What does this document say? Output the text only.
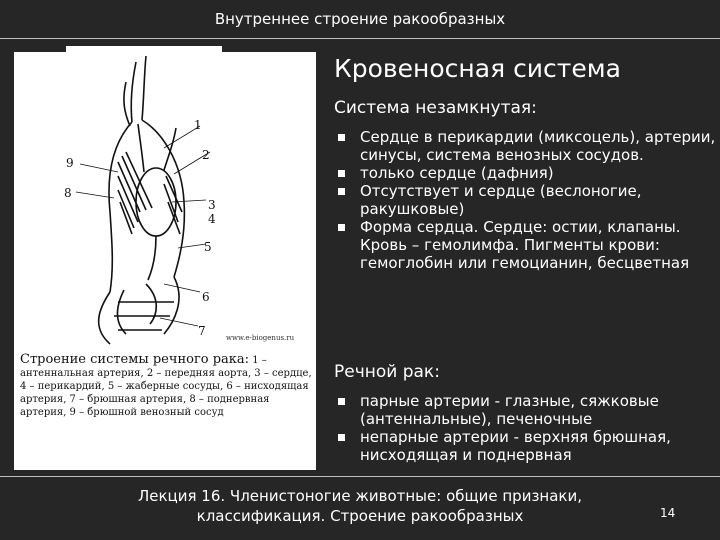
Внутреннее строение ракообразных
1
2
9
8
3
4
5
6
7	www.e-biogenus.ru
Строение системы речного рака: 1 – антеннальная артерия, 2 – передняя аорта, 3 – сердце, 4 – перикардий, 5 – жаберные сосуды, 6 – нисходящая артерия, 7 – брюшная артерия, 8 – поднервная артерия, 9 – брюшной венозный сосуд
Кровеносная система
Система незамкнутая:
Сердце в перикардии (миксоцель), артерии, синусы, система венозных сосудов.
только сердце (дафния)
Отсутствует и сердце (веслоногие, ракушковые)
Форма сердца. Сердце: остии, клапаны. Кровь – гемолимфа. Пигменты крови: гемоглобин или гемоцианин, бесцветная
Речной рак:
парные артерии - глазные, сяжковые (антеннальные), печеночные
непарные артерии - верхняя брюшная, нисходящая и поднервная
Лекция 16. Членистоногие животные: общие признаки,
классификация. Строение ракообразных	14
